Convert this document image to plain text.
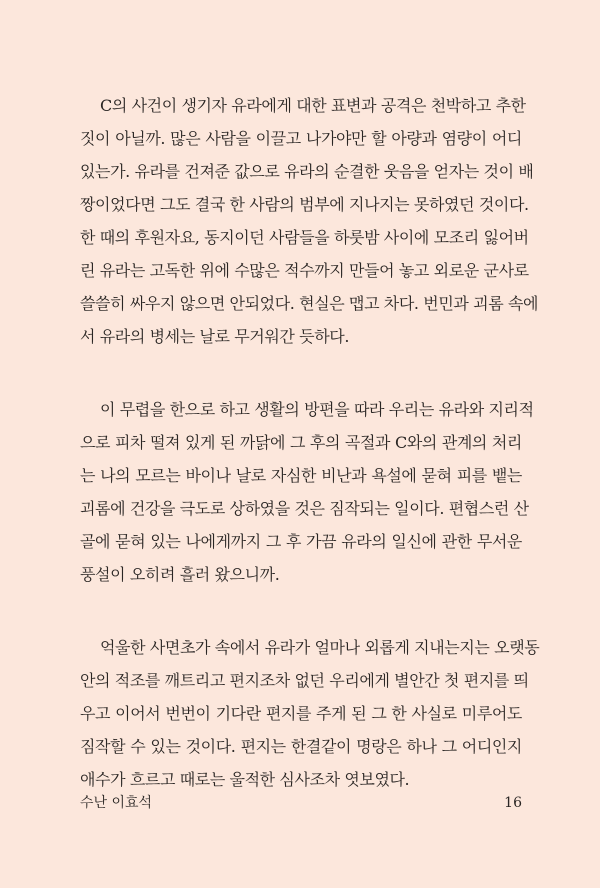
C의 사건이 생기자 유라에게 대한 표변과 공격은 천박하고 추한
짓이 아닐까. 많은 사람을 이끌고 나가야만 할 아량과 염량이 어디
있는가. 유라를 건져준 값으로 유라의 순결한 웃음을 얻자는 것이 배
짱이었다면 그도 결국 한 사람의 범부에 지나지는 못하였던 것이다.
한 때의 후원자요, 동지이던 사람들을 하룻밤 사이에 모조리 잃어버
린 유라는 고독한 위에 수많은 적수까지 만들어 놓고 외로운 군사로
쓸쓸히 싸우지 않으면 안되었다. 현실은 맵고 차다. 번민과 괴롬 속에
서 유라의 병세는 날로 무거워간 듯하다.
이 무렵을 한으로 하고 생활의 방편을 따라 우리는 유라와 지리적
으로 피차 떨져 있게 된 까닭에 그 후의 곡절과 C와의 관계의 처리
는 나의 모르는 바이나 날로 자심한 비난과 욕설에 묻혀 피를 뱉는
괴롬에 건강을 극도로 상하였을 것은 짐작되는 일이다. 편협스런 산
골에 묻혀 있는 나에게까지 그 후 가끔 유라의 일신에 관한 무서운
풍설이 오히려 흘러 왔으니까.
억울한 사면초가 속에서 유라가 얼마나 외롭게 지내는지는 오랫동
안의 적조를 깨트리고 편지조차 없던 우리에게 별안간 첫 편지를 띄
우고 이어서 번번이 기다란 편지를 주게 된 그 한 사실로 미루어도
짐작할 수 있는 것이다. 편지는 한결같이 명랑은 하나 그 어디인지
애수가 흐르고 때로는 울적한 심사조차 엿보였다.
수난 이효석	16
